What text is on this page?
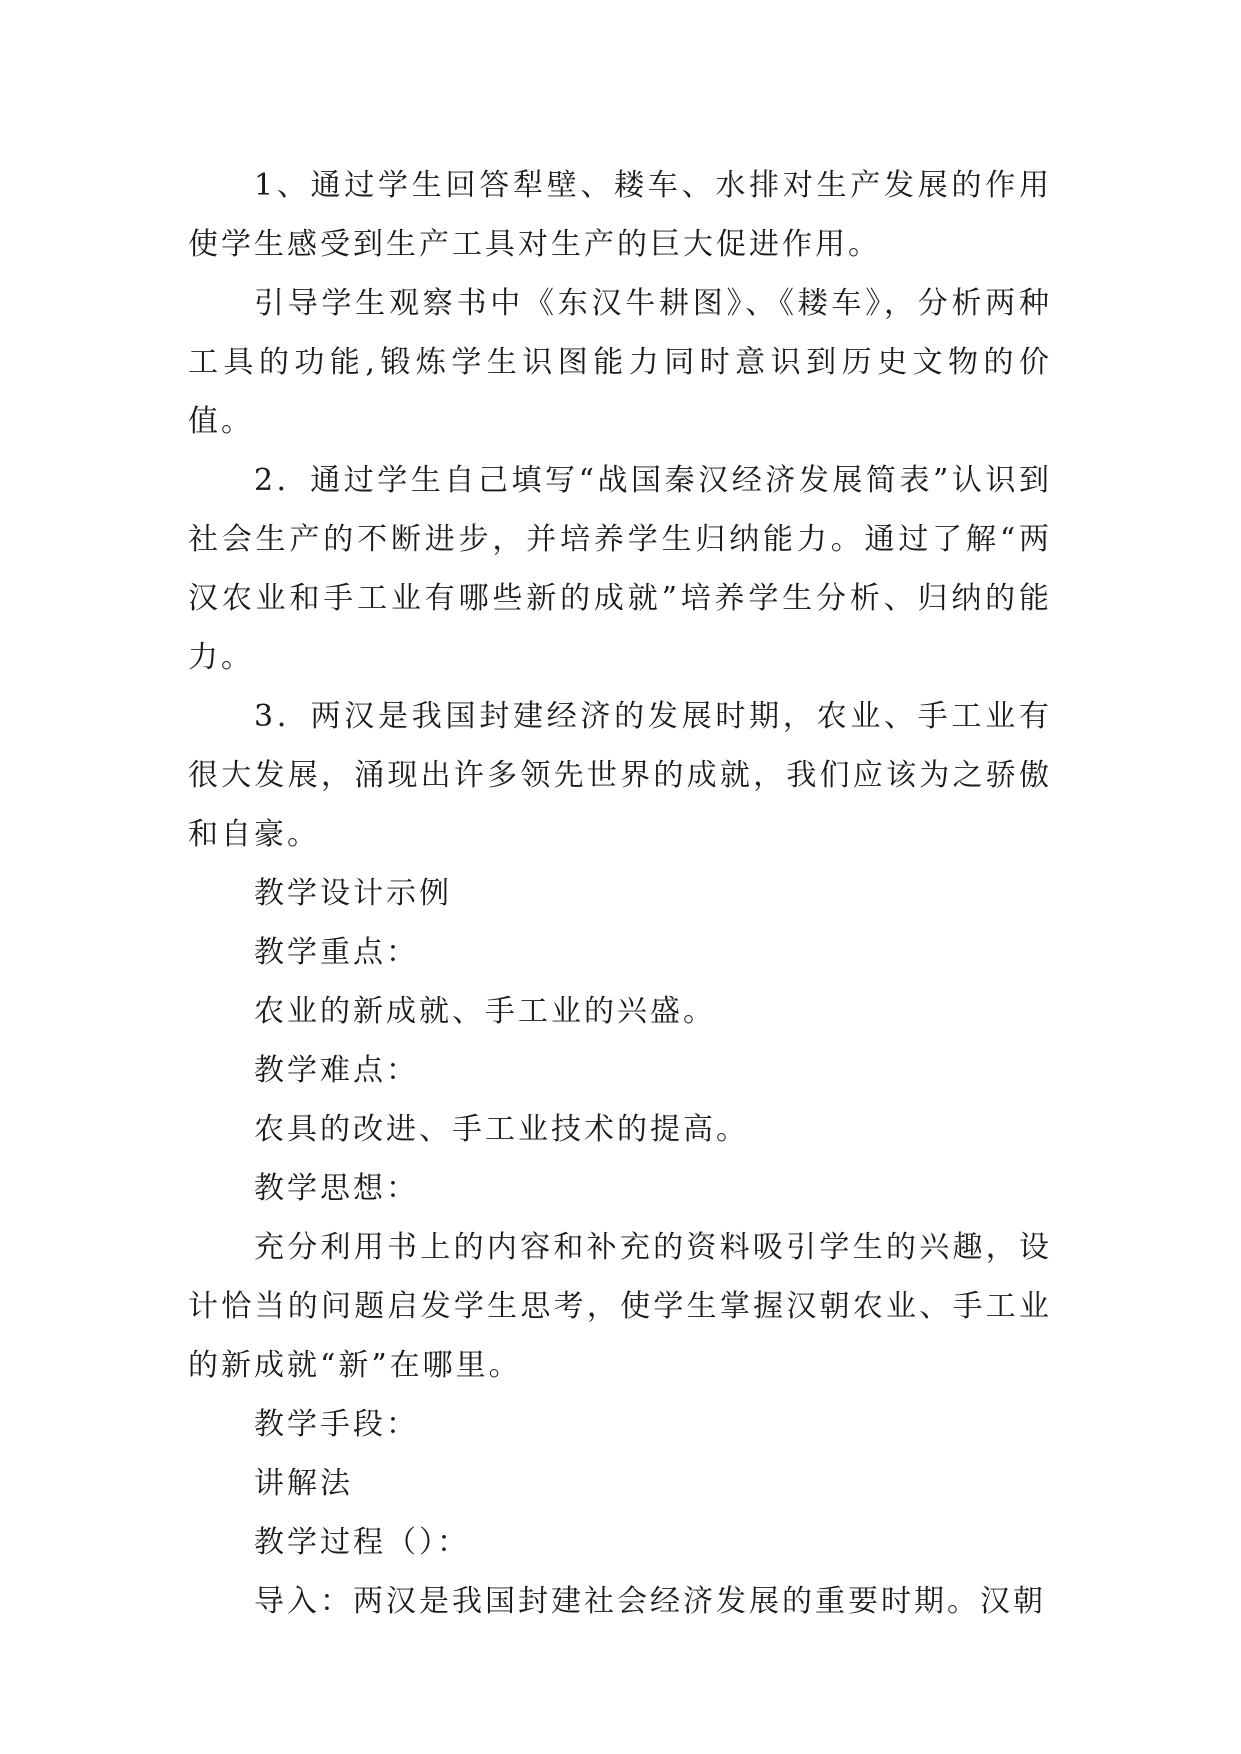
1、通过学生回答犁壁、耧车、水排对生产发展的作用使学生感受到生产工具对生产的巨大促进作用。

引导学生观察书中《东汉牛耕图》、《耧车》，分析两种工具的功能,锻炼学生识图能力同时意识到历史文物的价值。

2．通过学生自己填写“战国秦汉经济发展简表”认识到社会生产的不断进步，并培养学生归纳能力。通过了解“两汉农业和手工业有哪些新的成就”培养学生分析、归纳的能力。

3．两汉是我国封建经济的发展时期，农业、手工业有很大发展，涌现出许多领先世界的成就，我们应该为之骄傲和自豪。

教学设计示例

教学重点：

农业的新成就、手工业的兴盛。

教学难点：

农具的改进、手工业技术的提高。

教学思想：

充分利用书上的内容和补充的资料吸引学生的兴趣，设计恰当的问题启发学生思考，使学生掌握汉朝农业、手工业的新成就“新”在哪里。

教学手段：

讲解法

教学过程（）：

导入：两汉是我国封建社会经济发展的重要时期。汉朝
